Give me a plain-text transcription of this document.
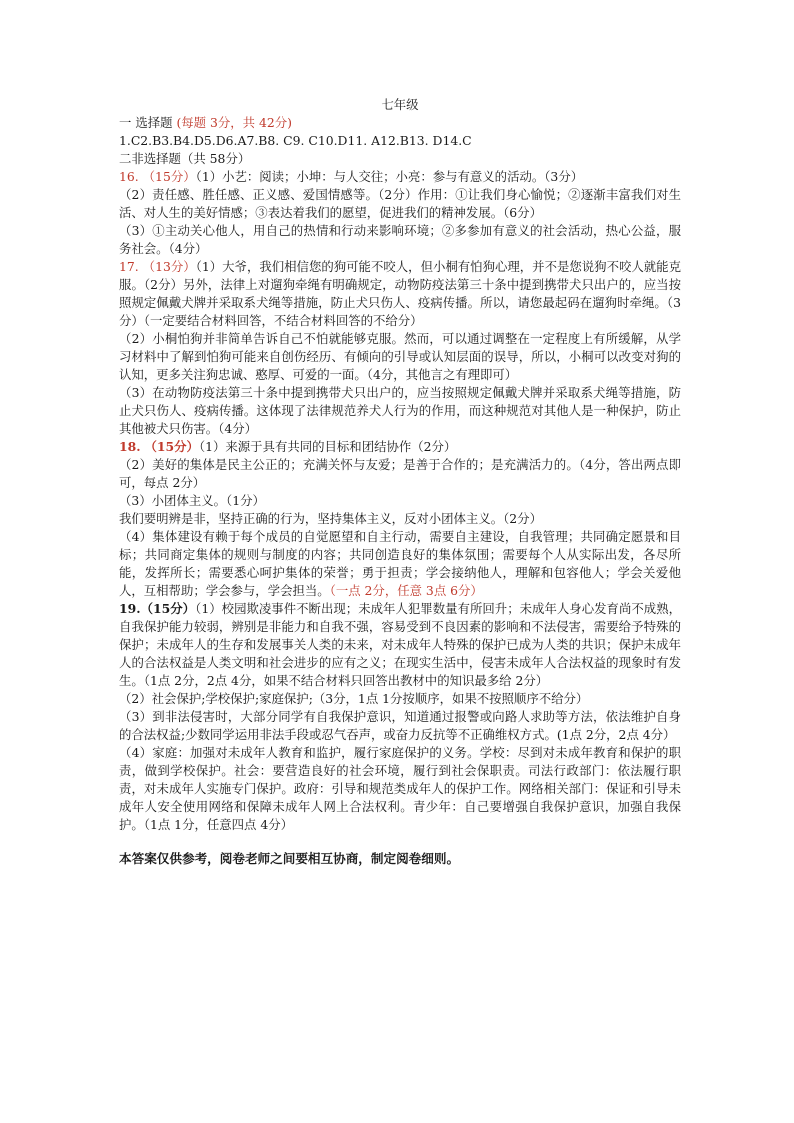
七年级

一 选择题 (每题 3分，共 42分)

1.C2.B3.B4.D5.D6.A7.B8. C9. C10.D11. A12.B13. D14.C

二非选择题（共 58分）

16. （15分）（1）小艺：阅读；小坤：与人交往；小亮：参与有意义的活动。（3分）

（2）责任感、胜任感、正义感、爱国情感等。（2分）作用：①让我们身心愉悦；②逐渐丰富我们对生活、对人生的美好情感；③表达着我们的愿望，促进我们的精神发展。（6分）

（3）①主动关心他人，用自己的热情和行动来影响环境；②多参加有意义的社会活动，热心公益，服务社会。（4分）

17. （13分）（1）大爷，我们相信您的狗可能不咬人，但小桐有怕狗心理，并不是您说狗不咬人就能克服。（2分）另外，法律上对遛狗牵绳有明确规定，动物防疫法第三十条中提到携带犬只出户的，应当按照规定佩戴犬牌并采取系犬绳等措施，防止犬只伤人、疫病传播。所以，请您最起码在遛狗时牵绳。（3分）（一定要结合材料回答，不结合材料回答的不给分）

（2）小桐怕狗并非简单告诉自己不怕就能够克服。然而，可以通过调整在一定程度上有所缓解，从学习材料中了解到怕狗可能来自创伤经历、有倾向的引导或认知层面的误导，所以，小桐可以改变对狗的认知，更多关注狗忠诚、憨厚、可爱的一面。（4分，其他言之有理即可）

（3）在动物防疫法第三十条中提到携带犬只出户的，应当按照规定佩戴犬牌并采取系犬绳等措施，防止犬只伤人、疫病传播。这体现了法律规范养犬人行为的作用，而这种规范对其他人是一种保护，防止其他被犬只伤害。（4分）

18. （15分）（1）来源于具有共同的目标和团结协作（2分）

（2）美好的集体是民主公正的；充满关怀与友爱；是善于合作的；是充满活力的。（4分，答出两点即可，每点 2分）

（3）小团体主义。（1分）

我们要明辨是非，坚持正确的行为，坚持集体主义，反对小团体主义。（2分）

（4）集体建设有赖于每个成员的自觉愿望和自主行动，需要自主建设，自我管理；共同确定愿景和目标；共同商定集体的规则与制度的内容；共同创造良好的集体氛围；需要每个人从实际出发，各尽所能，发挥所长；需要悉心呵护集体的荣誉；勇于担责；学会接纳他人，理解和包容他人；学会关爱他人，互相帮助；学会参与，学会担当。（一点 2分，任意 3点 6分）

19.（15分）（1）校园欺凌事件不断出现；未成年人犯罪数量有所回升；未成年人身心发育尚不成熟，自我保护能力较弱，辨别是非能力和自我不强，容易受到不良因素的影响和不法侵害，需要给予特殊的保护；未成年人的生存和发展事关人类的未来，对未成年人特殊的保护已成为人类的共识；保护未成年人的合法权益是人类文明和社会进步的应有之义；在现实生活中，侵害未成年人合法权益的现象时有发生。（1点 2分，2点 4分，如果不结合材料只回答出教材中的知识最多给 2分）

（2）社会保护;学校保护;家庭保护;（3分，1点 1分按顺序，如果不按照顺序不给分）

（3）到非法侵害时，大部分同学有自我保护意识，知道通过报警或向路人求助等方法，依法维护自身的合法权益;少数同学运用非法手段或忍气吞声，或奋力反抗等不正确维权方式。(1点 2分，2点 4分）

（4）家庭：加强对未成年人教育和监护，履行家庭保护的义务。学校：尽到对未成年教育和保护的职责，做到学校保护。社会：要营造良好的社会环境，履行到社会保职责。司法行政部门：依法履行职责，对未成年人实施专门保护。政府：引导和规范类成年人的保护工作。网络相关部门：保证和引导未成年人安全使用网络和保障未成年人网上合法权利。青少年：自己要增强自我保护意识，加强自我保护。（1点 1分，任意四点 4分）

本答案仅供参考，阅卷老师之间要相互协商，制定阅卷细则。
